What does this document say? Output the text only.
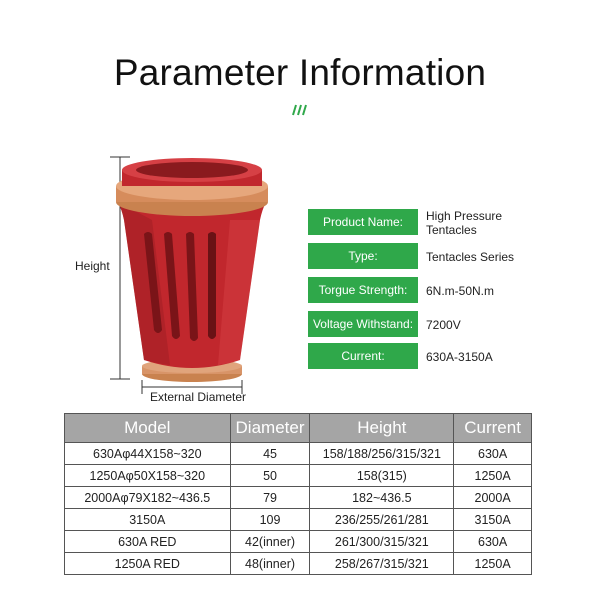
Parameter Information
Height
External Diameter
Product Name:	High Pressure
Tentacles
Type:	Tentacles Series
Torgue Strength:	6N.m-50N.m
Voltage Withstand:	7200V
Current:	630A-3150A
Model	Diameter	Height	Current
630Aφ44X158~320	45	158/188/256/315/321	630A
1250Aφ50X158~320	50	158(315)	1250A
2000Aφ79X182~436.5	79	182~436.5	2000A
3150A	109	236/255/261/281	3150A
630A RED	42(inner)	261/300/315/321	630A
1250A RED	48(inner)	258/267/315/321	1250A
